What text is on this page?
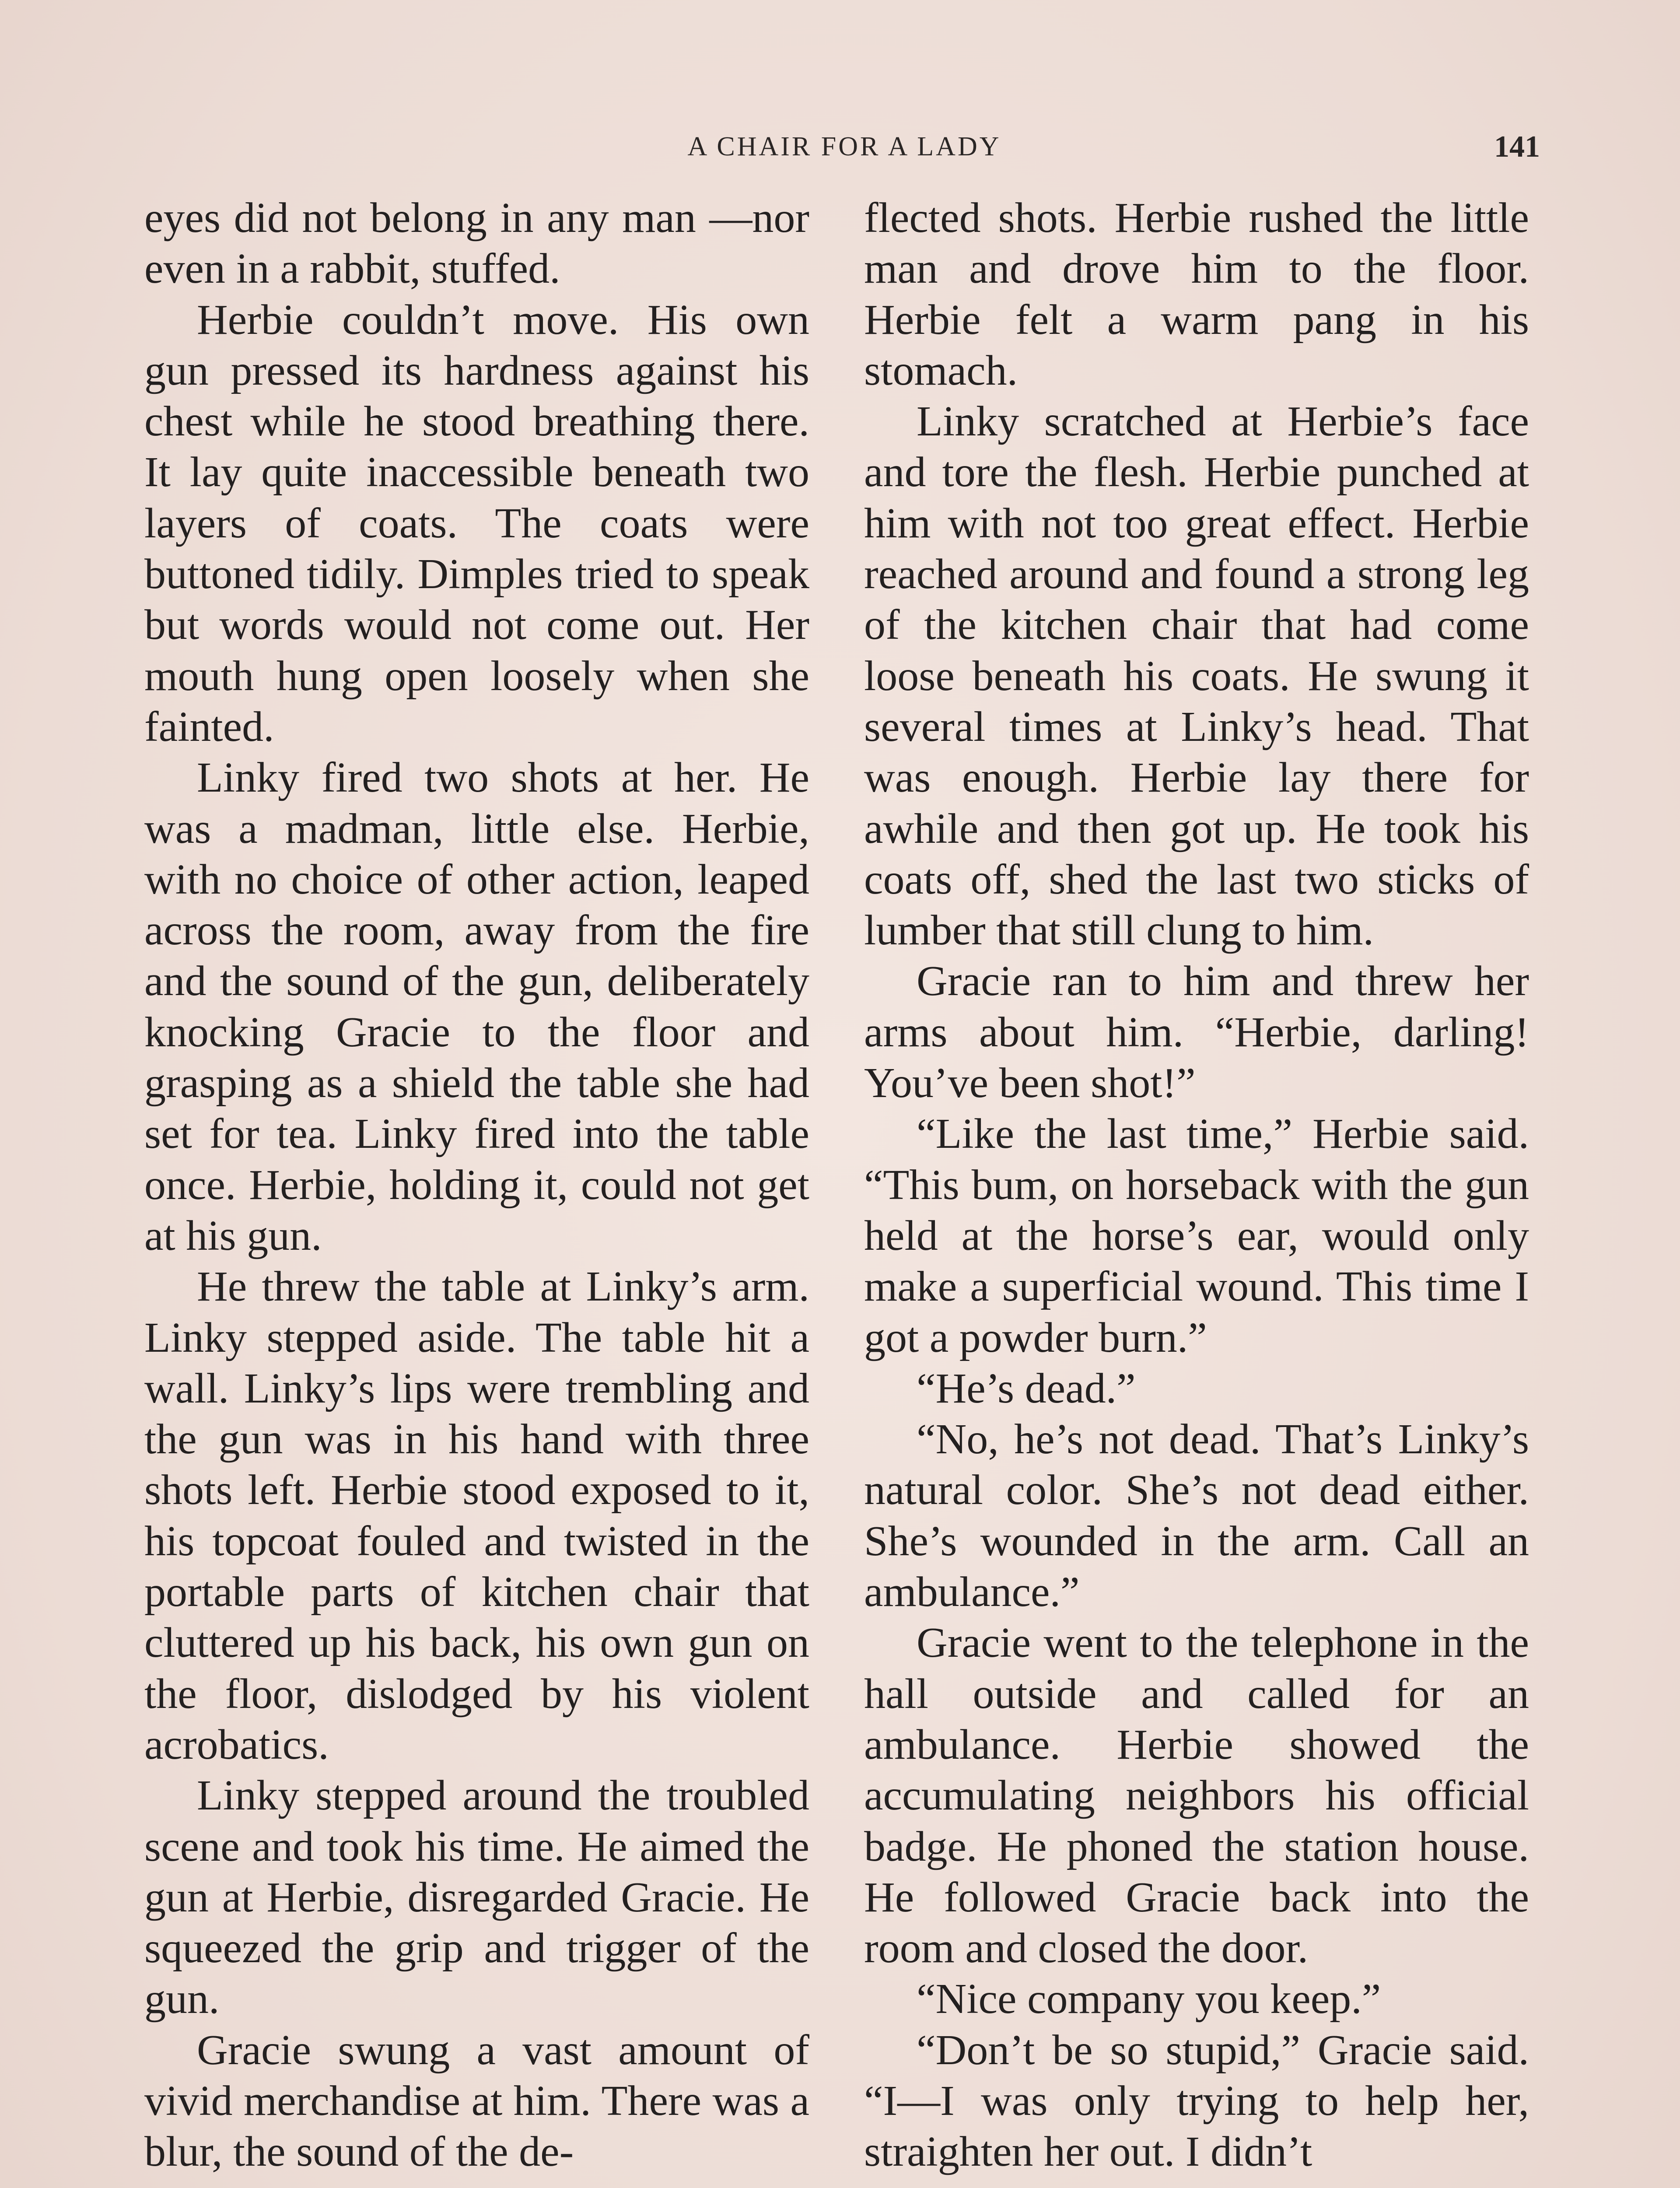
A CHAIR FOR A LADY	141

eyes did not belong in any man —nor even in a rabbit, stuffed.

Herbie couldn’t move. His own gun pressed its hardness against his chest while he stood breathing there. It lay quite inaccessible beneath two layers of coats. The coats were buttoned tidily. Dimples tried to speak but words would not come out. Her mouth hung open loosely when she fainted.

Linky fired two shots at her. He was a madman, little else. Herbie, with no choice of other action, leaped across the room, away from the fire and the sound of the gun, deliberately knocking Gracie to the floor and grasping as a shield the table she had set for tea. Linky fired into the table once. Herbie, holding it, could not get at his gun.

He threw the table at Linky’s arm. Linky stepped aside. The table hit a wall. Linky’s lips were trembling and the gun was in his hand with three shots left. Herbie stood exposed to it, his topcoat fouled and twisted in the portable parts of kitchen chair that cluttered up his back, his own gun on the floor, dislodged by his violent acrobatics.

Linky stepped around the troubled scene and took his time. He aimed the gun at Herbie, disregarded Gracie. He squeezed the grip and trigger of the gun.

Gracie swung a vast amount of vivid merchandise at him. There was a blur, the sound of the de-

flected shots. Herbie rushed the little man and drove him to the floor. Herbie felt a warm pang in his stomach.

Linky scratched at Herbie’s face and tore the flesh. Herbie punched at him with not too great effect. Herbie reached around and found a strong leg of the kitchen chair that had come loose beneath his coats. He swung it several times at Linky’s head. That was enough. Herbie lay there for awhile and then got up. He took his coats off, shed the last two sticks of lumber that still clung to him.

Gracie ran to him and threw her arms about him. “Herbie, darling! You’ve been shot!”

“Like the last time,” Herbie said. “This bum, on horseback with the gun held at the horse’s ear, would only make a superficial wound. This time I got a powder burn.”

“He’s dead.”

“No, he’s not dead. That’s Linky’s natural color. She’s not dead either. She’s wounded in the arm. Call an ambulance.”

Gracie went to the telephone in the hall outside and called for an ambulance. Herbie showed the accumulating neighbors his official badge. He phoned the station house. He followed Gracie back into the room and closed the door.

“Nice company you keep.”

“Don’t be so stupid,” Gracie said. “I—I was only trying to help her, straighten her out. I didn’t
